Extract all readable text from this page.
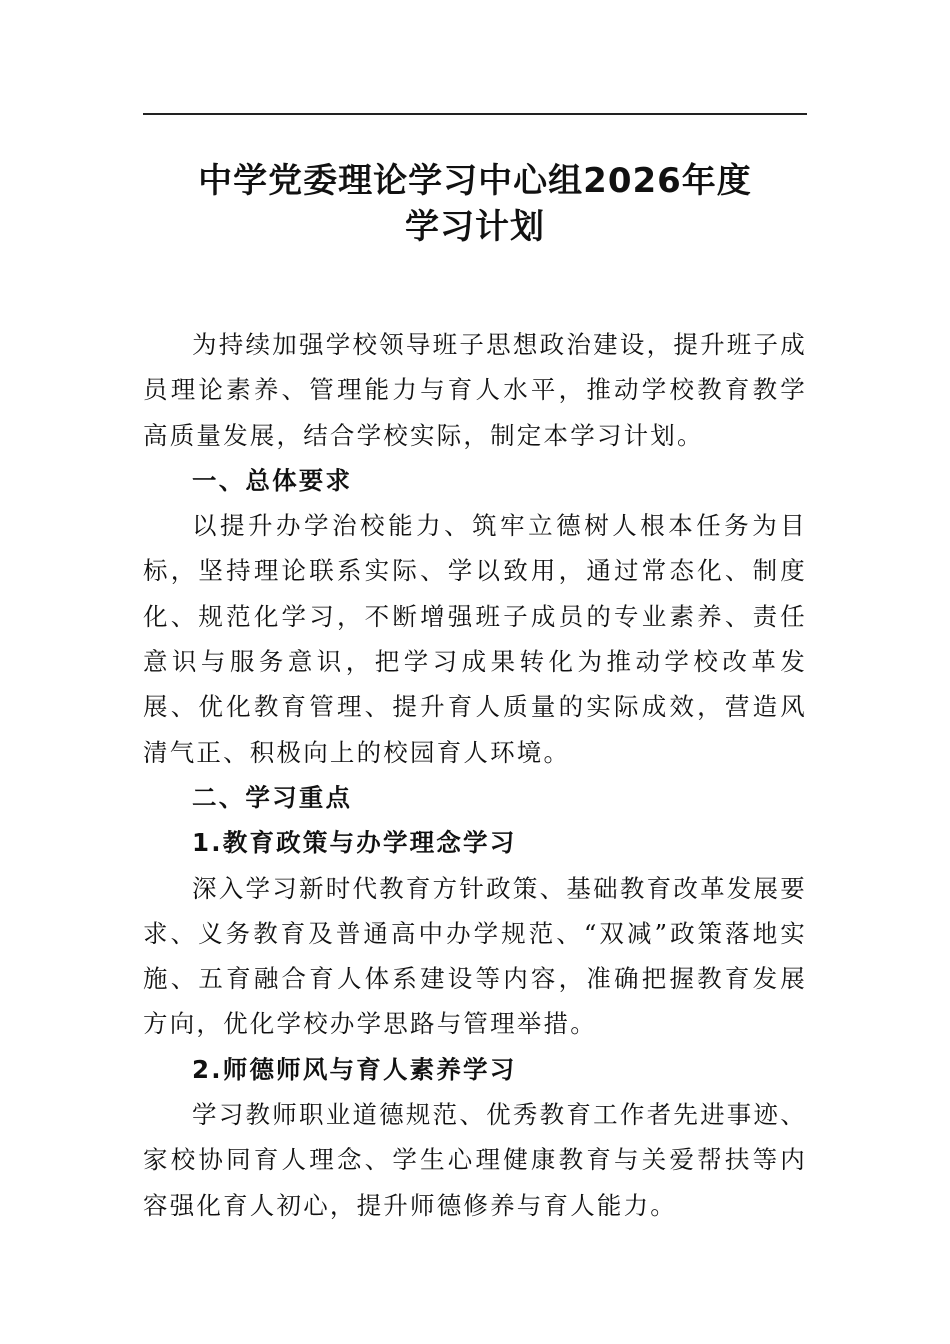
中学党委理论学习中心组2026年度
学习计划

为持续加强学校领导班子思想政治建设，提升班子成员理论素养、管理能力与育人水平，推动学校教育教学高质量发展，结合学校实际，制定本学习计划。

一、总体要求

以提升办学治校能力、筑牢立德树人根本任务为目标，坚持理论联系实际、学以致用，通过常态化、制度化、规范化学习，不断增强班子成员的专业素养、责任意识与服务意识，把学习成果转化为推动学校改革发展、优化教育管理、提升育人质量的实际成效，营造风清气正、积极向上的校园育人环境。

二、学习重点

1.教育政策与办学理念学习

深入学习新时代教育方针政策、基础教育改革发展要求、义务教育及普通高中办学规范、“双减”政策落地实施、五育融合育人体系建设等内容，准确把握教育发展方向，优化学校办学思路与管理举措。

2.师德师风与育人素养学习

学习教师职业道德规范、优秀教育工作者先进事迹、家校协同育人理念、学生心理健康教育与关爱帮扶等内容强化育人初心，提升师德修养与育人能力。
